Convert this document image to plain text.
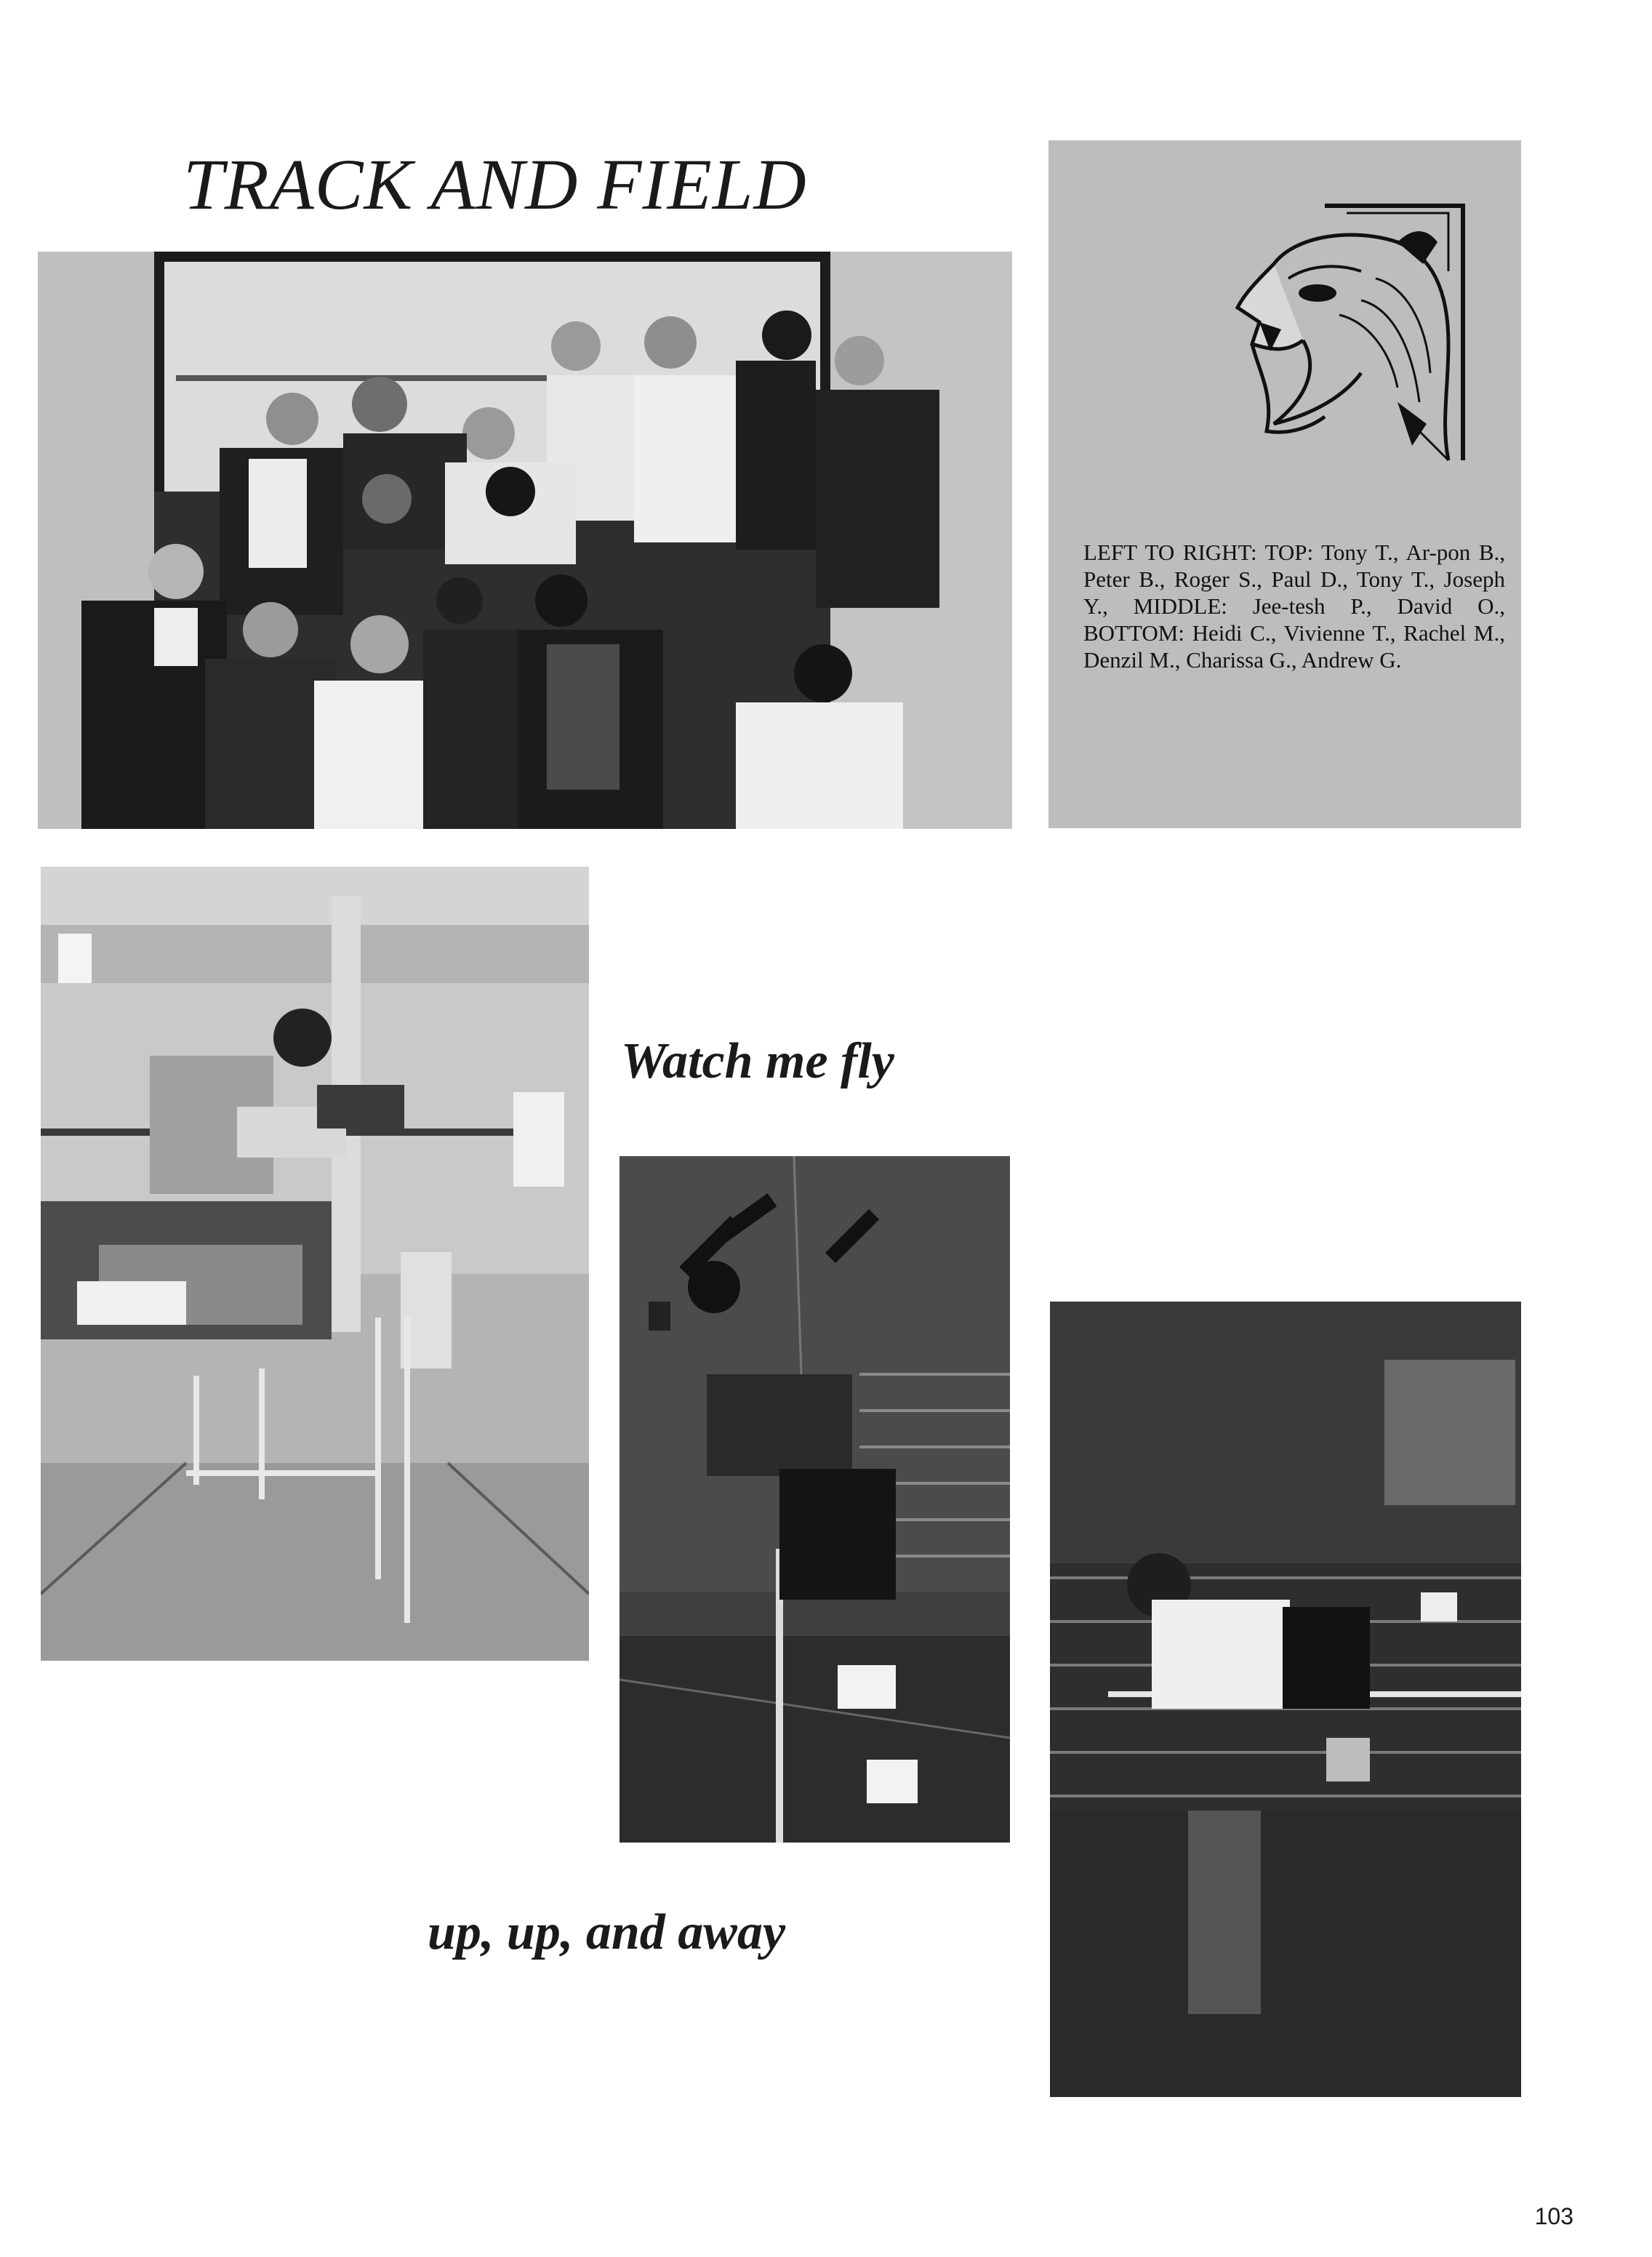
TRACK AND FIELD

LEFT TO RIGHT: TOP: Tony T., Ar-pon B., Peter B., Roger S., Paul D., Tony T., Joseph Y., MIDDLE: Jee-tesh P., David O., BOTTOM: Heidi C., Vivienne T., Rachel M., Denzil M., Charissa G., Andrew G.

Watch me fly

up, up, and away

103
